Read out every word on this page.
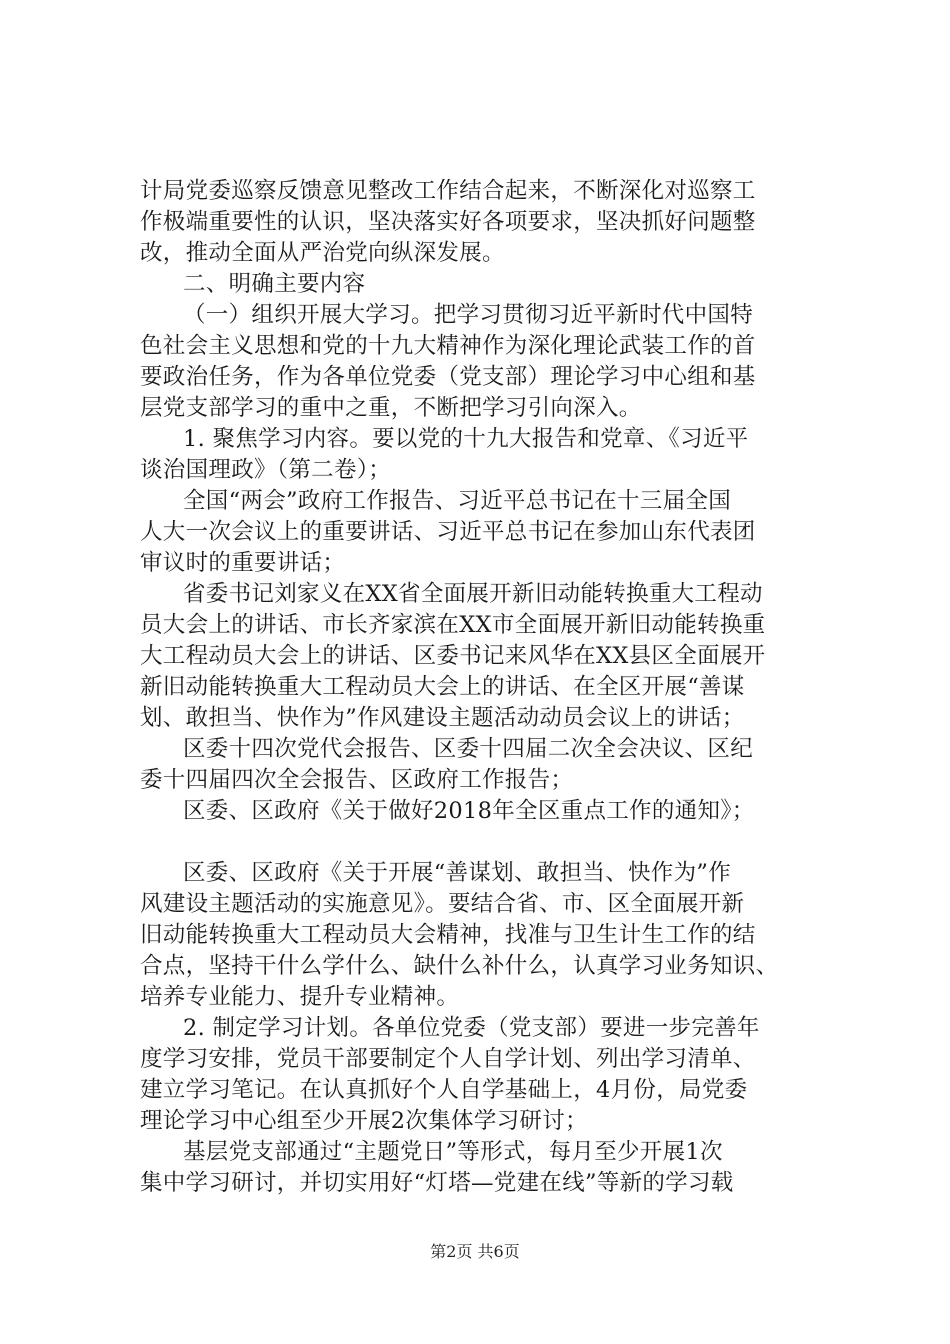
计局党委巡察反馈意见整改工作结合起来，不断深化对巡察工
作极端重要性的认识，坚决落实好各项要求，坚决抓好问题整
改，推动全面从严治党向纵深发展。
二、明确主要内容
（一）组织开展大学习。把学习贯彻习近平新时代中国特
色社会主义思想和党的十九大精神作为深化理论武装工作的首
要政治任务，作为各单位党委（党支部）理论学习中心组和基
层党支部学习的重中之重，不断把学习引向深入。
1. 聚焦学习内容。要以党的十九大报告和党章、《习近平
谈治国理政》（第二卷）；
全国“两会”政府工作报告、习近平总书记在十三届全国
人大一次会议上的重要讲话、习近平总书记在参加山东代表团
审议时的重要讲话；
省委书记刘家义在XX省全面展开新旧动能转换重大工程动
员大会上的讲话、市长齐家滨在XX市全面展开新旧动能转换重
大工程动员大会上的讲话、区委书记来风华在XX县区全面展开
新旧动能转换重大工程动员大会上的讲话、在全区开展“善谋
划、敢担当、快作为”作风建设主题活动动员会议上的讲话；
区委十四次党代会报告、区委十四届二次全会决议、区纪
委十四届四次全会报告、区政府工作报告；
区委、区政府《关于做好2018年全区重点工作的通知》；
区委、区政府《关于开展“善谋划、敢担当、快作为”作
风建设主题活动的实施意见》。要结合省、市、区全面展开新
旧动能转换重大工程动员大会精神，找准与卫生计生工作的结
合点，坚持干什么学什么、缺什么补什么，认真学习业务知识、
培养专业能力、提升专业精神。
2. 制定学习计划。各单位党委（党支部）要进一步完善年
度学习安排，党员干部要制定个人自学计划、列出学习清单、
建立学习笔记。在认真抓好个人自学基础上，4月份，局党委
理论学习中心组至少开展2次集体学习研讨；
基层党支部通过“主题党日”等形式，每月至少开展1次
集中学习研讨，并切实用好“灯塔—党建在线”等新的学习载
第2页 共6页
